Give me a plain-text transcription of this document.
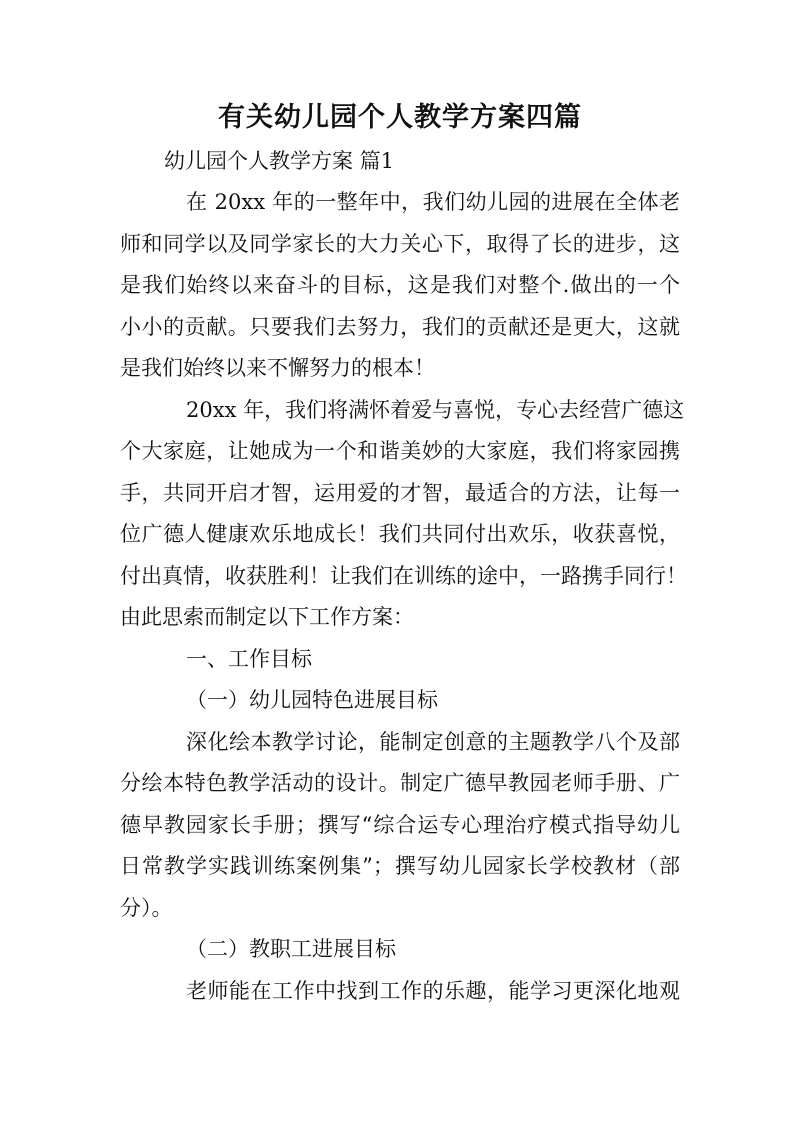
有关幼儿园个人教学方案四篇

幼儿园个人教学方案 篇1

在 20xx 年的一整年中，我们幼儿园的进展在全体老

师和同学以及同学家长的大力关心下，取得了长的进步，这

是我们始终以来奋斗的目标，这是我们对整个.做出的一个

小小的贡献。只要我们去努力，我们的贡献还是更大，这就

是我们始终以来不懈努力的根本！

20xx 年，我们将满怀着爱与喜悦，专心去经营广德这

个大家庭，让她成为一个和谐美妙的大家庭，我们将家园携

手，共同开启才智，运用爱的才智，最适合的方法，让每一

位广德人健康欢乐地成长！我们共同付出欢乐，收获喜悦，

付出真情，收获胜利！让我们在训练的途中，一路携手同行！

由此思索而制定以下工作方案：

一、工作目标

（一）幼儿园特色进展目标

深化绘本教学讨论，能制定创意的主题教学八个及部

分绘本特色教学活动的设计。制定广德早教园老师手册、广

德早教园家长手册；撰写“综合运专心理治疗模式指导幼儿

日常教学实践训练案例集”；撰写幼儿园家长学校教材（部

分）。

（二）教职工进展目标

老师能在工作中找到工作的乐趣，能学习更深化地观
